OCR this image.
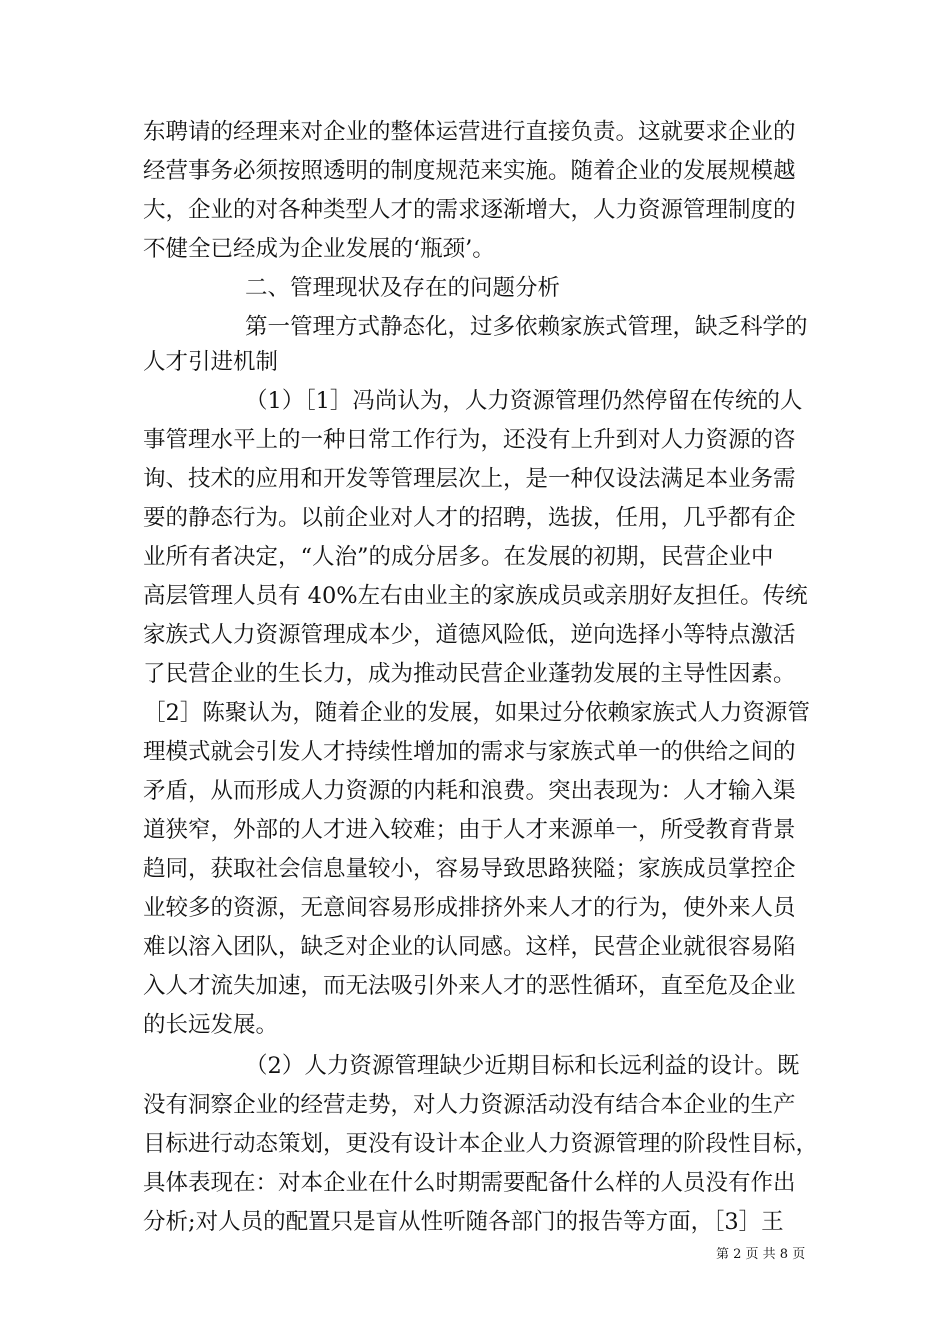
东聘请的经理来对企业的整体运营进行直接负责。这就要求企业的
经营事务必须按照透明的制度规范来实施。随着企业的发展规模越
大，企业的对各种类型人才的需求逐渐增大，人力资源管理制度的
不健全已经成为企业发展的‘瓶颈’。
二、管理现状及存在的问题分析
第一管理方式静态化，过多依赖家族式管理，缺乏科学的
人才引进机制
（1）［1］冯尚认为，人力资源管理仍然停留在传统的人
事管理水平上的一种日常工作行为，还没有上升到对人力资源的咨
询、技术的应用和开发等管理层次上，是一种仅设法满足本业务需
要的静态行为。以前企业对人才的招聘，选拔，任用，几乎都有企
业所有者决定，“人治”的成分居多。在发展的初期，民营企业中
高层管理人员有 40%左右由业主的家族成员或亲朋好友担任。传统
家族式人力资源管理成本少，道德风险低，逆向选择小等特点激活
了民营企业的生长力，成为推动民营企业蓬勃发展的主导性因素。
［2］陈聚认为，随着企业的发展，如果过分依赖家族式人力资源管
理模式就会引发人才持续性增加的需求与家族式单一的供给之间的
矛盾，从而形成人力资源的内耗和浪费。突出表现为：人才输入渠
道狭窄，外部的人才进入较难；由于人才来源单一，所受教育背景
趋同，获取社会信息量较小，容易导致思路狭隘；家族成员掌控企
业较多的资源，无意间容易形成排挤外来人才的行为，使外来人员
难以溶入团队，缺乏对企业的认同感。这样，民营企业就很容易陷
入人才流失加速，而无法吸引外来人才的恶性循环，直至危及企业
的长远发展。
（2）人力资源管理缺少近期目标和长远利益的设计。既
没有洞察企业的经营走势，对人力资源活动没有结合本企业的生产
目标进行动态策划，更没有设计本企业人力资源管理的阶段性目标，
具体表现在：对本企业在什么时期需要配备什么样的人员没有作出
分析;对人员的配置只是盲从性听随各部门的报告等方面，［3］王
第 2 页 共 8 页
